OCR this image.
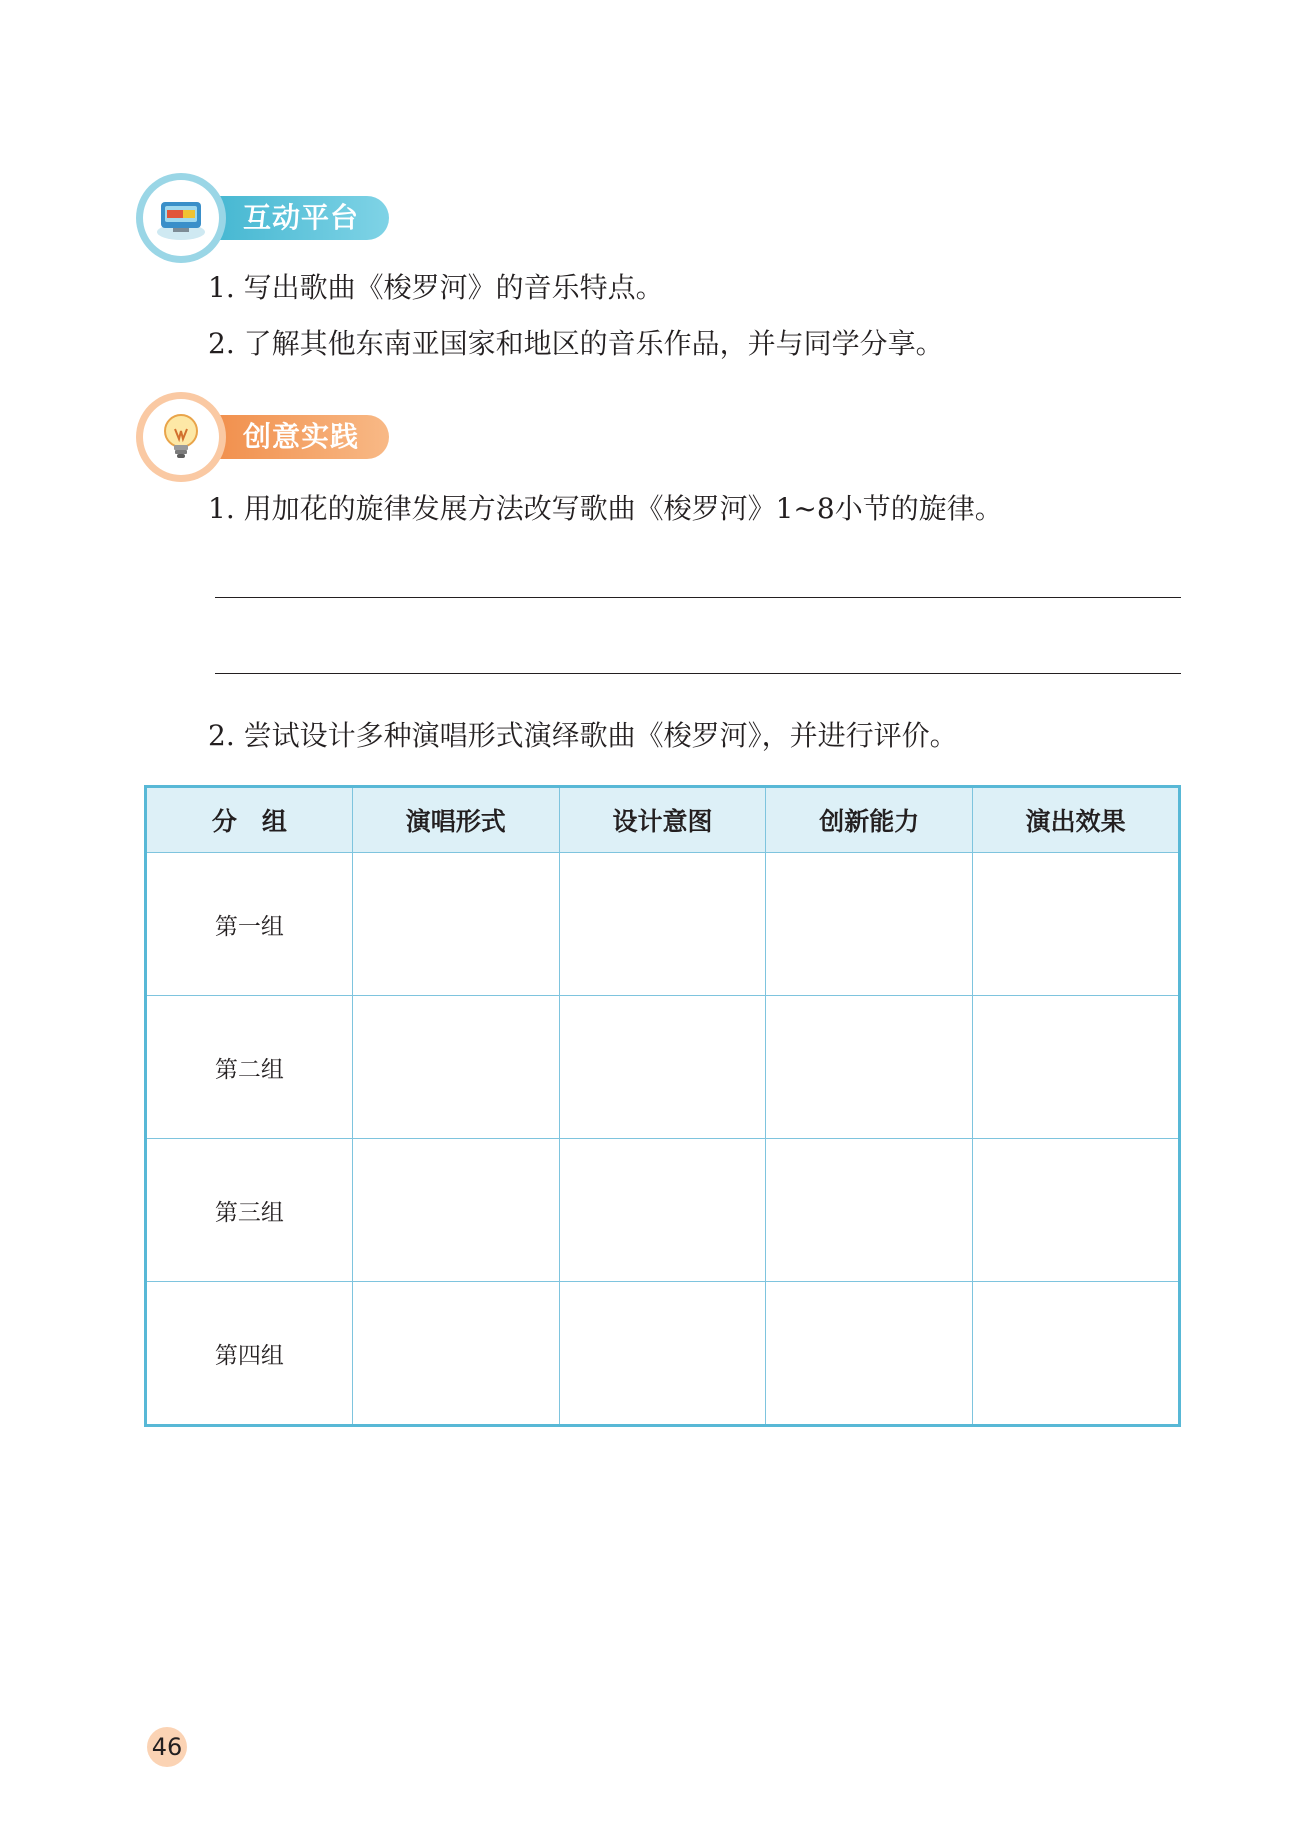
互动平台
1. 写出歌曲《梭罗河》的音乐特点。
2. 了解其他东南亚国家和地区的音乐作品，并与同学分享。
创意实践
1. 用加花的旋律发展方法改写歌曲《梭罗河》1~8小节的旋律。
2. 尝试设计多种演唱形式演绎歌曲《梭罗河》，并进行评价。
分　组	演唱形式	设计意图	创新能力	演出效果
第一组				
第二组				
第三组				
第四组				
46
